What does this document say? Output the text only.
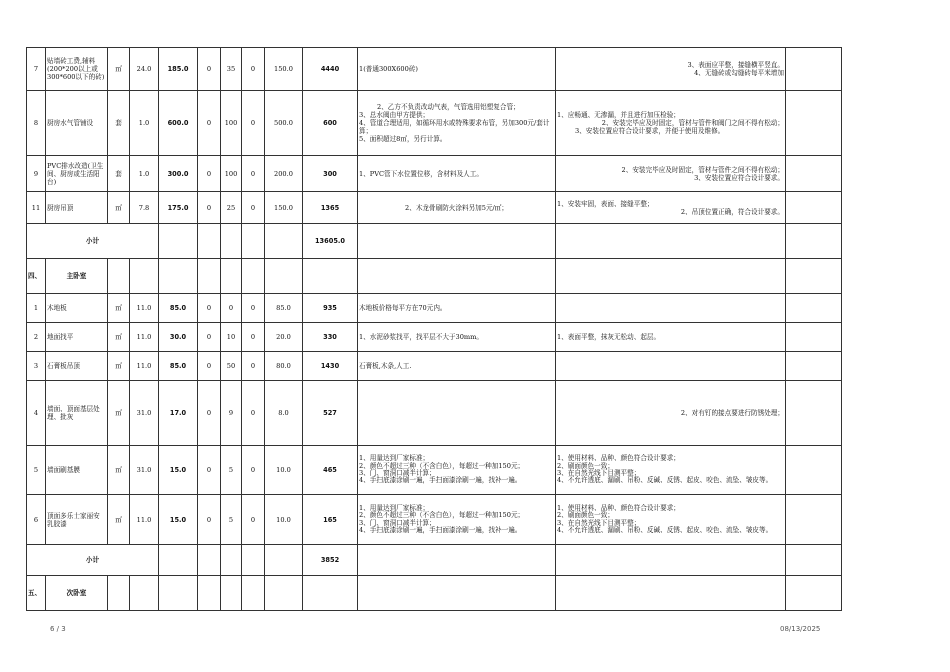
7	贴墙砖工费,辅料(200*200以上或300*600以下的砖)	㎡	24.0	185.0	0	35	0	150.0	4440	1(普通300X600砖)	3、表面应平整，接缝横平竖直。
4、无缝砖或勾缝砖每平米增加	

8	厨房水气管铺设	套	1.0	600.0	0	100	0	500.0	600	2、乙方不负责改动气表，气管选用铝塑复合管；
3、总水阀由甲方提供；
4、管道合理适用，如循环用水或特殊要求布管，另加300元/套计算；
5、面积超过8㎡，另行计算。	1、应畅通、无渗漏，并且进行加压检验；
2、安装完毕应及时固定，管材与管件和阀门之间不得有松动；
3、安装位置应符合设计要求，并便于使用及维修。	

9	PVC排水改造(卫生间、厨房或生活阳台)	套	1.0	300.0	0	100	0	200.0	300	1、PVC管下水位置位移，含材料及人工。	2、安装完毕应及时固定，管材与管件之间不得有松动；
3、安装位置应符合设计要求。	

11	厨房吊顶	㎡	7.8	175.0	0	25	0	150.0	1365	2、木龙骨刷防火涂料另加5元/㎡；	1、安装牢固，表面、接缝平整；
2、吊顶位置正确，符合设计要求。	

小计									13605.0			
四、	主卧室											
1	木地板	㎡	11.0	85.0	0	0	0	85.0	935	木地板价格每平方在70元内。		
2	地面找平	㎡	11.0	30.0	0	10	0	20.0	330	1、水泥砂浆找平，找平层不大于30mm。	1、表面平整，抹灰无松动、起层。	
3	石膏板吊顶	㎡	11.0	85.0	0	50	0	80.0	1430	石膏板,木条,人工.		
4	墙面、顶面基层处理、批灰	㎡	31.0	17.0	0	9	0	8.0	527		2、对有钉的接点要进行防锈处理；	

5	墙面刷基膜	㎡	31.0	15.0	0	5	0	10.0	465	1、用量达到厂家标准；
2、颜色不超过三种（不含白色），每超过一种加150元；
3、门、窗洞口减半计算；
4、手扫底漆涂刷一遍，手扫面漆涂刷一遍，找补一遍。	1、使用材料、品种、颜色符合设计要求；
2、刷面颜色一致；
3、在自然光线下目测平整；
4、不允许透底、漏刷、吊粉、反碱、反锈、起皮、咬色、流坠、皱皮等。	
6	顶面多乐士家丽安乳胶漆	㎡	11.0	15.0	0	5	0	10.0	165	1、用量达到厂家标准；
2、颜色不超过三种（不含白色），每超过一种加150元；
3、门、窗洞口减半计算；
4、手扫底漆涂刷一遍，手扫面漆涂刷一遍，找补一遍。	1、使用材料、品种、颜色符合设计要求；
2、刷面颜色一致；
3、在自然光线下目测平整；
4、不允许透底、漏刷、吊粉、反碱、反锈、起皮、咬色、流坠、皱皮等。	
小计									3852			
五、	次卧室											
6 / 3	08/13/2025
